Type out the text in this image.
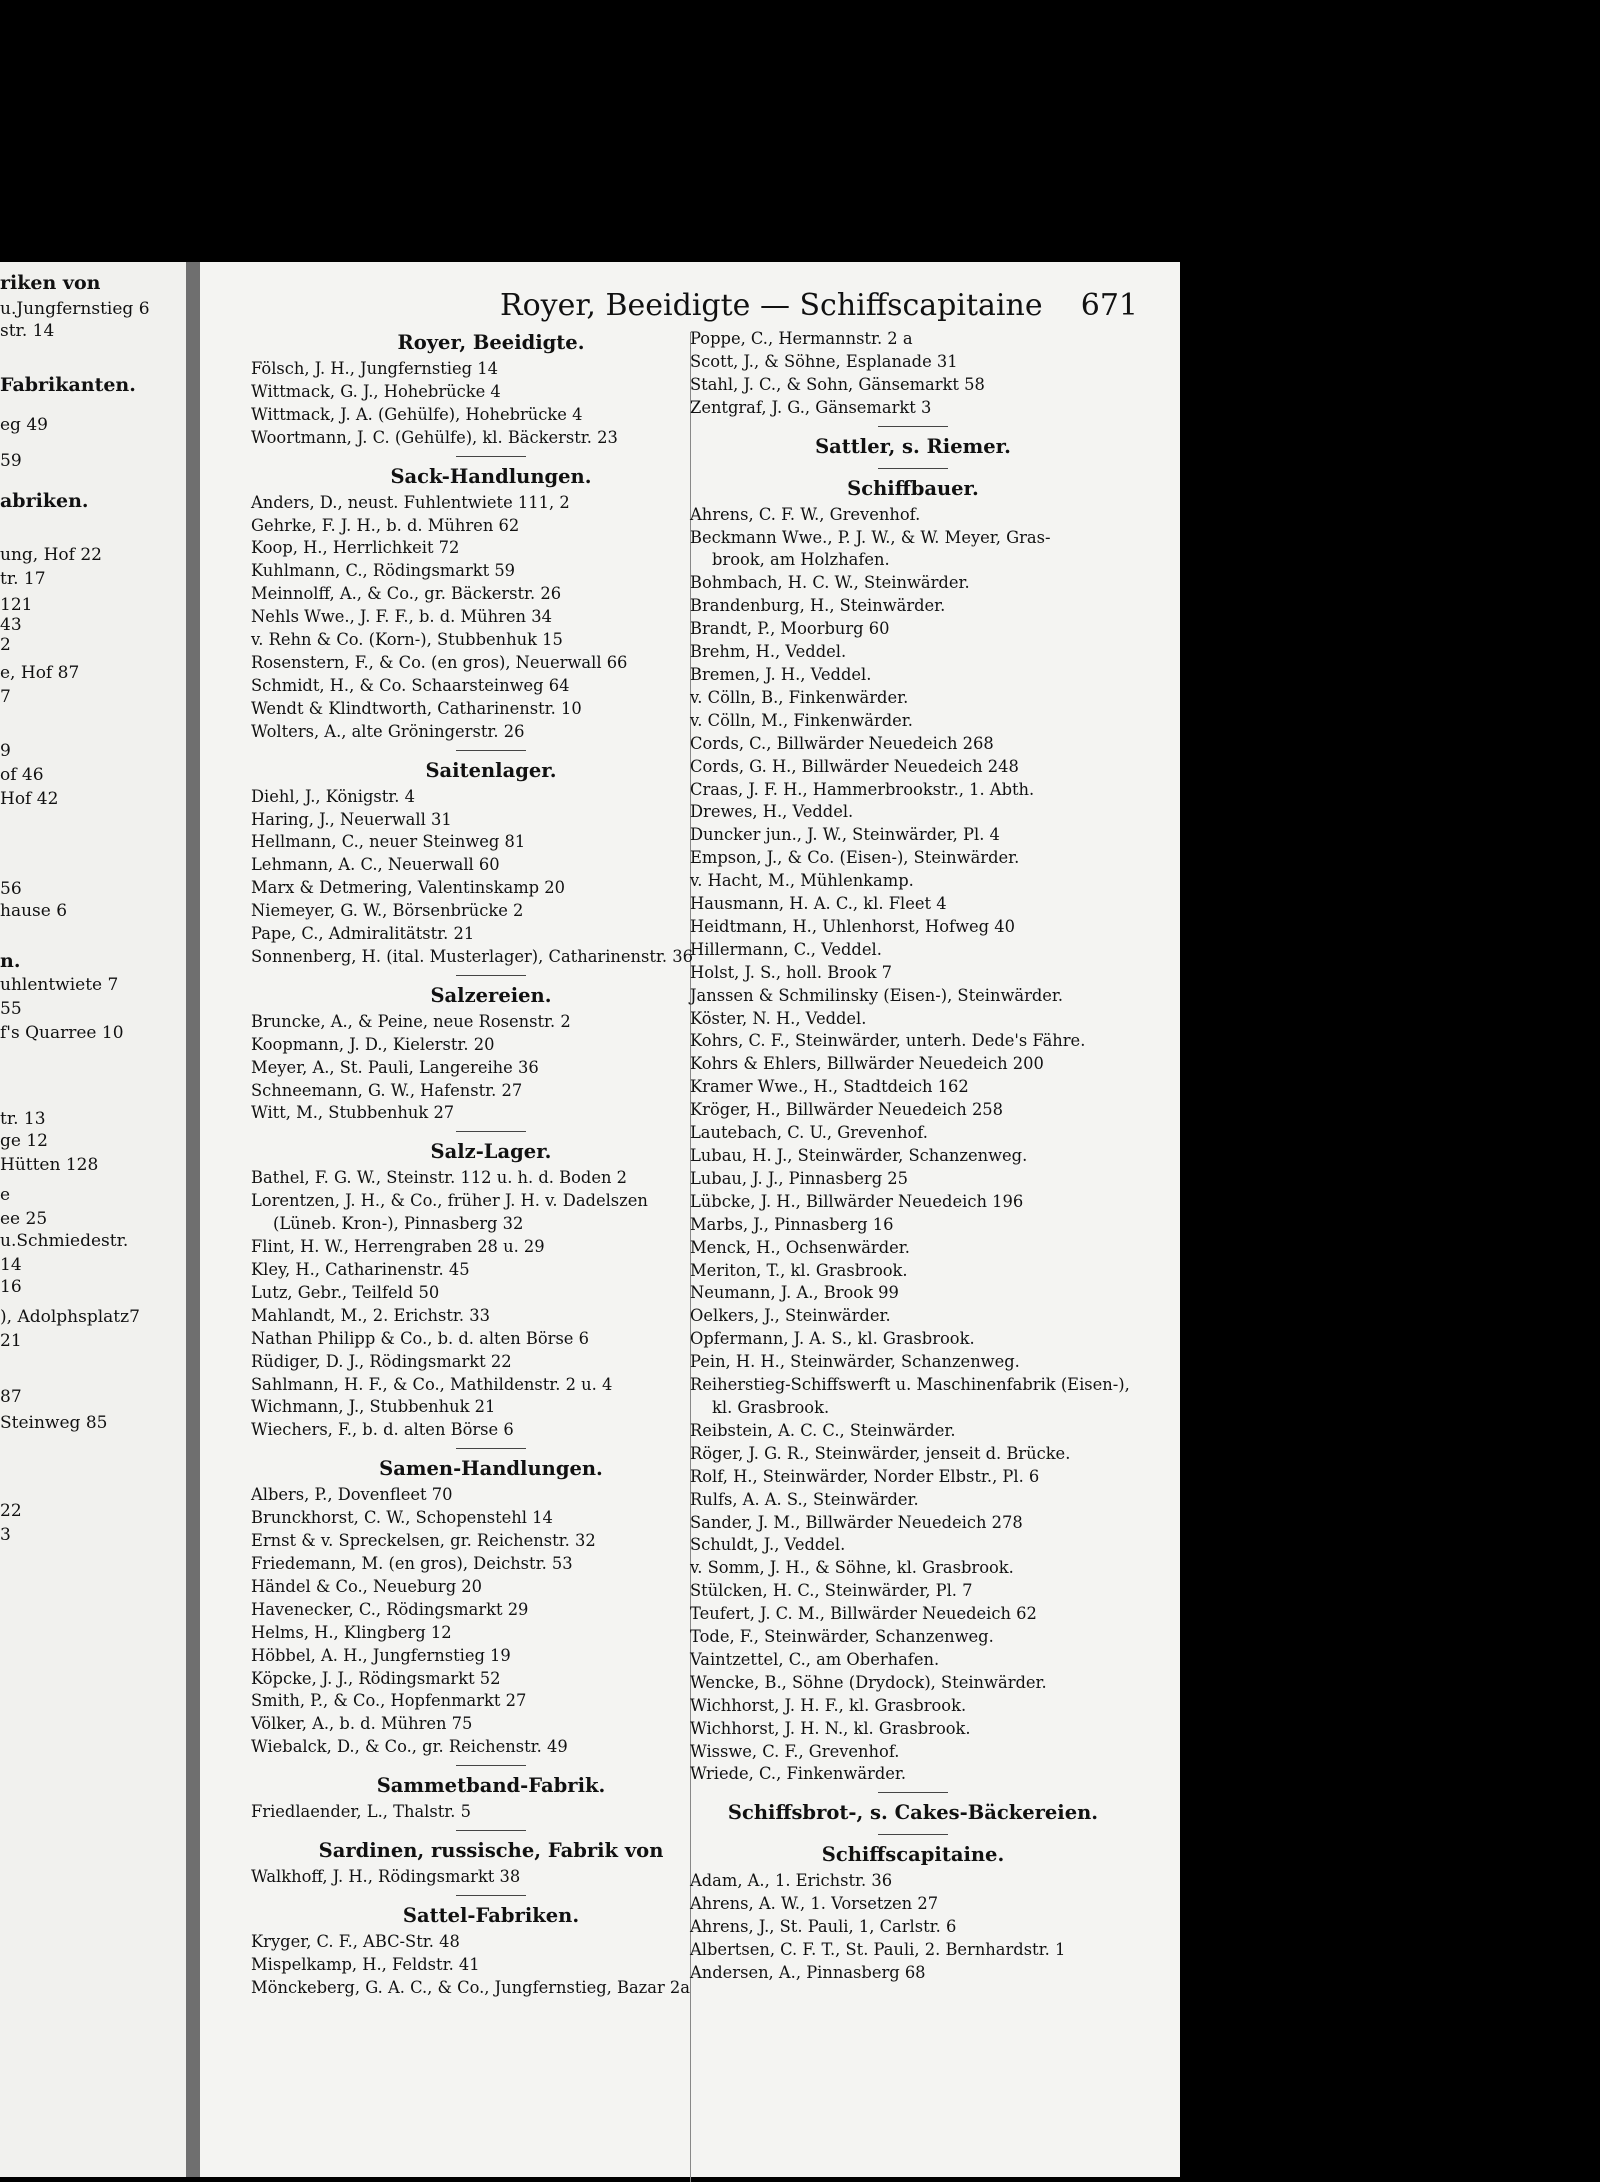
riken von
u.Jungfernstieg 6
str. 14
Fabrikanten.
eg 49
59
abriken.
ung, Hof 22
tr. 17
121
43
2
e, Hof 87
7
9
of 46
Hof 42
56
hause 6
n.
uhlentwiete 7
55
f's Quarree 10
tr. 13
ge 12
Hütten 128
e
ee 25
u.Schmiedestr.
14
16
), Adolphsplatz7
21
87
Steinweg 85
22
3
Royer, Beeidigte — Schiffscapitaine 671
Royer, Beeidigte.
Fölsch, J. H., Jungfernstieg 14
Wittmack, G. J., Hohebrücke 4
Wittmack, J. A. (Gehülfe), Hohebrücke 4
Woortmann, J. C. (Gehülfe), kl. Bäckerstr. 23
Sack-Handlungen.
Anders, D., neust. Fuhlentwiete 111, 2
Gehrke, F. J. H., b. d. Mühren 62
Koop, H., Herrlichkeit 72
Kuhlmann, C., Rödingsmarkt 59
Meinnolff, A., & Co., gr. Bäckerstr. 26
Nehls Wwe., J. F. F., b. d. Mühren 34
v. Rehn & Co. (Korn-), Stubbenhuk 15
Rosenstern, F., & Co. (en gros), Neuerwall 66
Schmidt, H., & Co. Schaarsteinweg 64
Wendt & Klindtworth, Catharinenstr. 10
Wolters, A., alte Gröningerstr. 26
Saitenlager.
Diehl, J., Königstr. 4
Haring, J., Neuerwall 31
Hellmann, C., neuer Steinweg 81
Lehmann, A. C., Neuerwall 60
Marx & Detmering, Valentinskamp 20
Niemeyer, G. W., Börsenbrücke 2
Pape, C., Admiralitätstr. 21
Sonnenberg, H. (ital. Musterlager), Catharinenstr. 36
Salzereien.
Bruncke, A., & Peine, neue Rosenstr. 2
Koopmann, J. D., Kielerstr. 20
Meyer, A., St. Pauli, Langereihe 36
Schneemann, G. W., Hafenstr. 27
Witt, M., Stubbenhuk 27
Salz-Lager.
Bathel, F. G. W., Steinstr. 112 u. h. d. Boden 2
Lorentzen, J. H., & Co., früher J. H. v. Dadelszen
(Lüneb. Kron-), Pinnasberg 32
Flint, H. W., Herrengraben 28 u. 29
Kley, H., Catharinenstr. 45
Lutz, Gebr., Teilfeld 50
Mahlandt, M., 2. Erichstr. 33
Nathan Philipp & Co., b. d. alten Börse 6
Rüdiger, D. J., Rödingsmarkt 22
Sahlmann, H. F., & Co., Mathildenstr. 2 u. 4
Wichmann, J., Stubbenhuk 21
Wiechers, F., b. d. alten Börse 6
Samen-Handlungen.
Albers, P., Dovenfleet 70
Brunckhorst, C. W., Schopenstehl 14
Ernst & v. Spreckelsen, gr. Reichenstr. 32
Friedemann, M. (en gros), Deichstr. 53
Händel & Co., Neueburg 20
Havenecker, C., Rödingsmarkt 29
Helms, H., Klingberg 12
Höbbel, A. H., Jungfernstieg 19
Köpcke, J. J., Rödingsmarkt 52
Smith, P., & Co., Hopfenmarkt 27
Völker, A., b. d. Mühren 75
Wiebalck, D., & Co., gr. Reichenstr. 49
Sammetband-Fabrik.
Friedlaender, L., Thalstr. 5
Sardinen, russische, Fabrik von
Walkhoff, J. H., Rödingsmarkt 38
Sattel-Fabriken.
Kryger, C. F., ABC-Str. 48
Mispelkamp, H., Feldstr. 41
Mönckeberg, G. A. C., & Co., Jungfernstieg, Bazar 2a
Poppe, C., Hermannstr. 2 a
Scott, J., & Söhne, Esplanade 31
Stahl, J. C., & Sohn, Gänsemarkt 58
Zentgraf, J. G., Gänsemarkt 3
Sattler, s. Riemer.
Schiffbauer.
Ahrens, C. F. W., Grevenhof.
Beckmann Wwe., P. J. W., & W. Meyer, Gras-
brook, am Holzhafen.
Bohmbach, H. C. W., Steinwärder.
Brandenburg, H., Steinwärder.
Brandt, P., Moorburg 60
Brehm, H., Veddel.
Bremen, J. H., Veddel.
v. Cölln, B., Finkenwärder.
v. Cölln, M., Finkenwärder.
Cords, C., Billwärder Neuedeich 268
Cords, G. H., Billwärder Neuedeich 248
Craas, J. F. H., Hammerbrookstr., 1. Abth.
Drewes, H., Veddel.
Duncker jun., J. W., Steinwärder, Pl. 4
Empson, J., & Co. (Eisen-), Steinwärder.
v. Hacht, M., Mühlenkamp.
Hausmann, H. A. C., kl. Fleet 4
Heidtmann, H., Uhlenhorst, Hofweg 40
Hillermann, C., Veddel.
Holst, J. S., holl. Brook 7
Janssen & Schmilinsky (Eisen-), Steinwärder.
Köster, N. H., Veddel.
Kohrs, C. F., Steinwärder, unterh. Dede's Fähre.
Kohrs & Ehlers, Billwärder Neuedeich 200
Kramer Wwe., H., Stadtdeich 162
Kröger, H., Billwärder Neuedeich 258
Lautebach, C. U., Grevenhof.
Lubau, H. J., Steinwärder, Schanzenweg.
Lubau, J. J., Pinnasberg 25
Lübcke, J. H., Billwärder Neuedeich 196
Marbs, J., Pinnasberg 16
Menck, H., Ochsenwärder.
Meriton, T., kl. Grasbrook.
Neumann, J. A., Brook 99
Oelkers, J., Steinwärder.
Opfermann, J. A. S., kl. Grasbrook.
Pein, H. H., Steinwärder, Schanzenweg.
Reiherstieg-Schiffswerft u. Maschinenfabrik (Eisen-),
kl. Grasbrook.
Reibstein, A. C. C., Steinwärder.
Röger, J. G. R., Steinwärder, jenseit d. Brücke.
Rolf, H., Steinwärder, Norder Elbstr., Pl. 6
Rulfs, A. A. S., Steinwärder.
Sander, J. M., Billwärder Neuedeich 278
Schuldt, J., Veddel.
v. Somm, J. H., & Söhne, kl. Grasbrook.
Stülcken, H. C., Steinwärder, Pl. 7
Teufert, J. C. M., Billwärder Neuedeich 62
Tode, F., Steinwärder, Schanzenweg.
Vaintzettel, C., am Oberhafen.
Wencke, B., Söhne (Drydock), Steinwärder.
Wichhorst, J. H. F., kl. Grasbrook.
Wichhorst, J. H. N., kl. Grasbrook.
Wisswe, C. F., Grevenhof.
Wriede, C., Finkenwärder.
Schiffsbrot-, s. Cakes-Bäckereien.
Schiffscapitaine.
Adam, A., 1. Erichstr. 36
Ahrens, A. W., 1. Vorsetzen 27
Ahrens, J., St. Pauli, 1, Carlstr. 6
Albertsen, C. F. T., St. Pauli, 2. Bernhardstr. 1
Andersen, A., Pinnasberg 68
